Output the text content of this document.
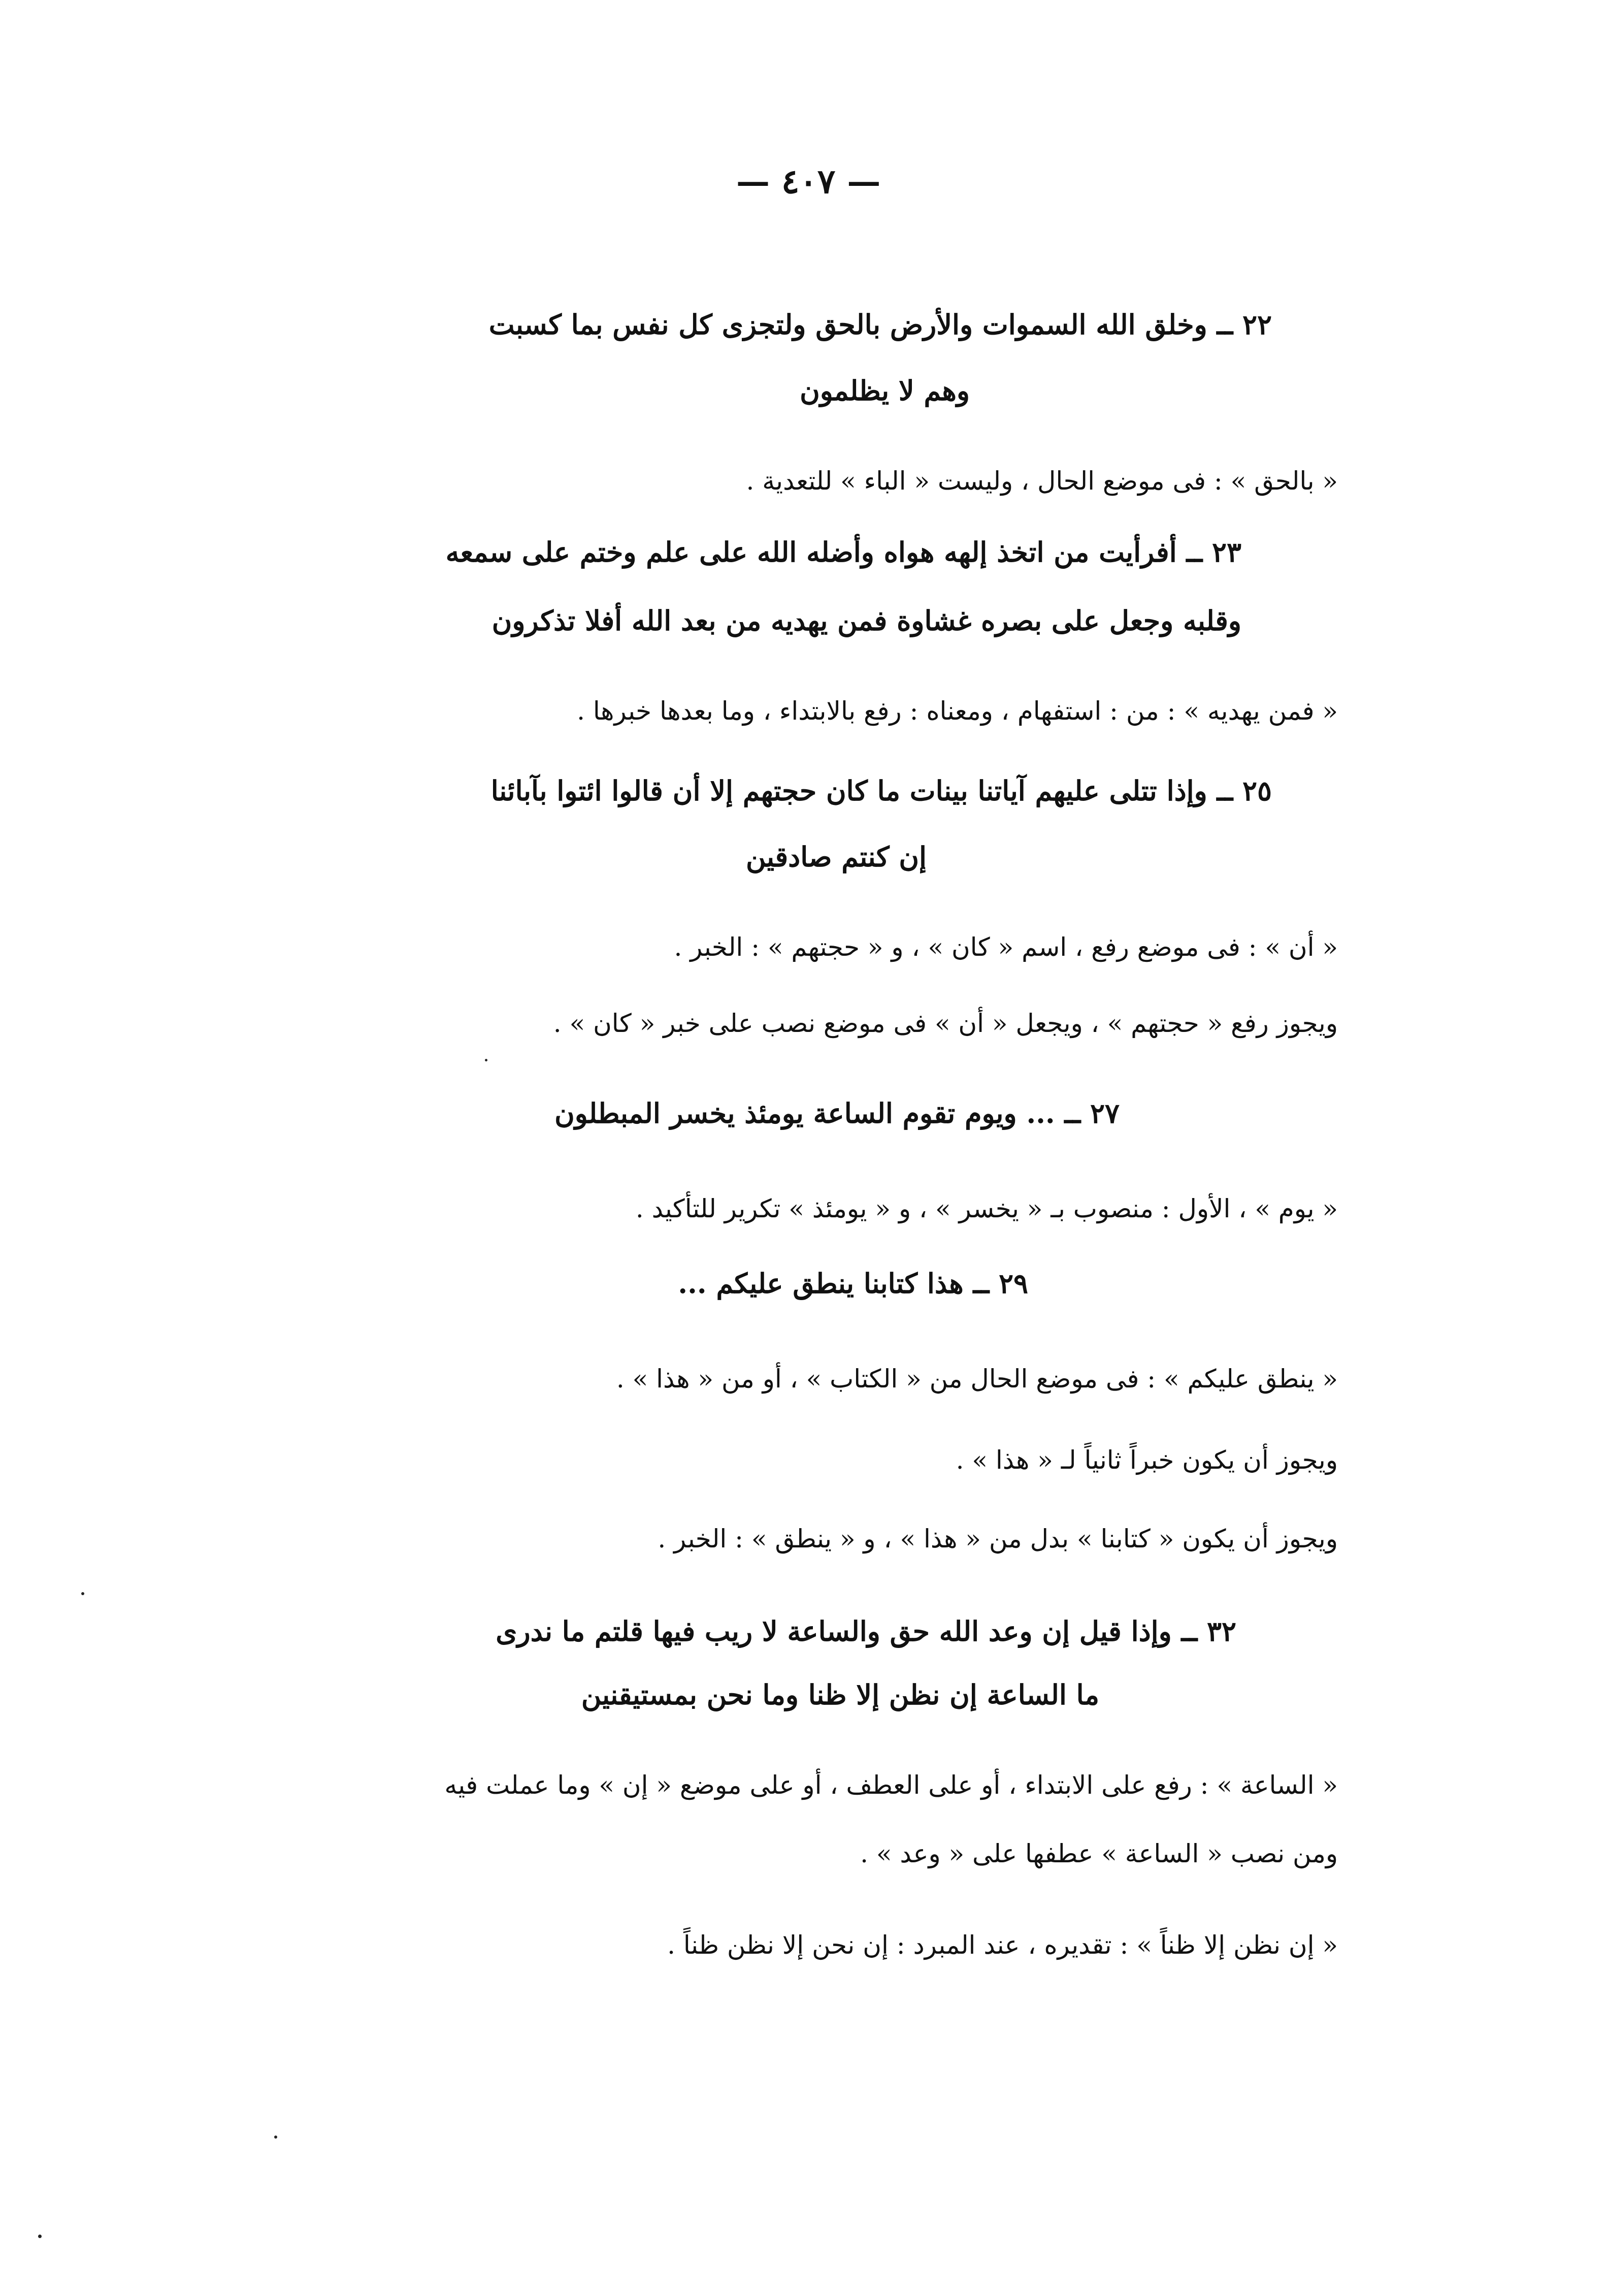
— ٤٠٧ —
٢٢ ــ وخلق الله السموات والأرض بالحق ولتجزى كل نفس بما كسبت
وهم لا يظلمون
« بالحق » : فى موضع الحال ، وليست « الباء » للتعدية .
٢٣ ــ أفرأيت من اتخذ إلهه هواه وأضله الله على علم وختم على سمعه
وقلبه وجعل على بصره غشاوة فمن يهديه من بعد الله أفلا تذكرون
« فمن يهديه » : من : استفهام ، ومعناه : رفع بالابتداء ، وما بعدها خبرها .
٢٥ ــ وإذا تتلى عليهم آياتنا بينات ما كان حجتهم إلا أن قالوا ائتوا بآبائنا
إن كنتم صادقين
« أن » : فى موضع رفع ، اسم « كان » ، و « حجتهم » : الخبر .
ويجوز رفع « حجتهم » ، ويجعل « أن » فى موضع نصب على خبر « كان » .
٢٧ ــ ... ويوم تقوم الساعة يومئذ يخسر المبطلون
« يوم » ، الأول : منصوب بـ « يخسر » ، و « يومئذ » تكرير للتأكيد .
٢٩ ــ هذا كتابنا ينطق عليكم ...
« ينطق عليكم » : فى موضع الحال من « الكتاب » ، أو من « هذا » .
ويجوز أن يكون خبراً ثانياً لـ « هذا » .
ويجوز أن يكون « كتابنا » بدل من « هذا » ، و « ينطق » : الخبر .
٣٢ ــ وإذا قيل إن وعد الله حق والساعة لا ريب فيها قلتم ما ندرى
ما الساعة إن نظن إلا ظنا وما نحن بمستيقنين
« الساعة » : رفع على الابتداء ، أو على العطف ، أو على موضع « إن » وما عملت فيه
ومن نصب « الساعة » عطفها على « وعد » .
« إن نظن إلا ظناً » : تقديره ، عند المبرد : إن نحن إلا نظن ظناً .
